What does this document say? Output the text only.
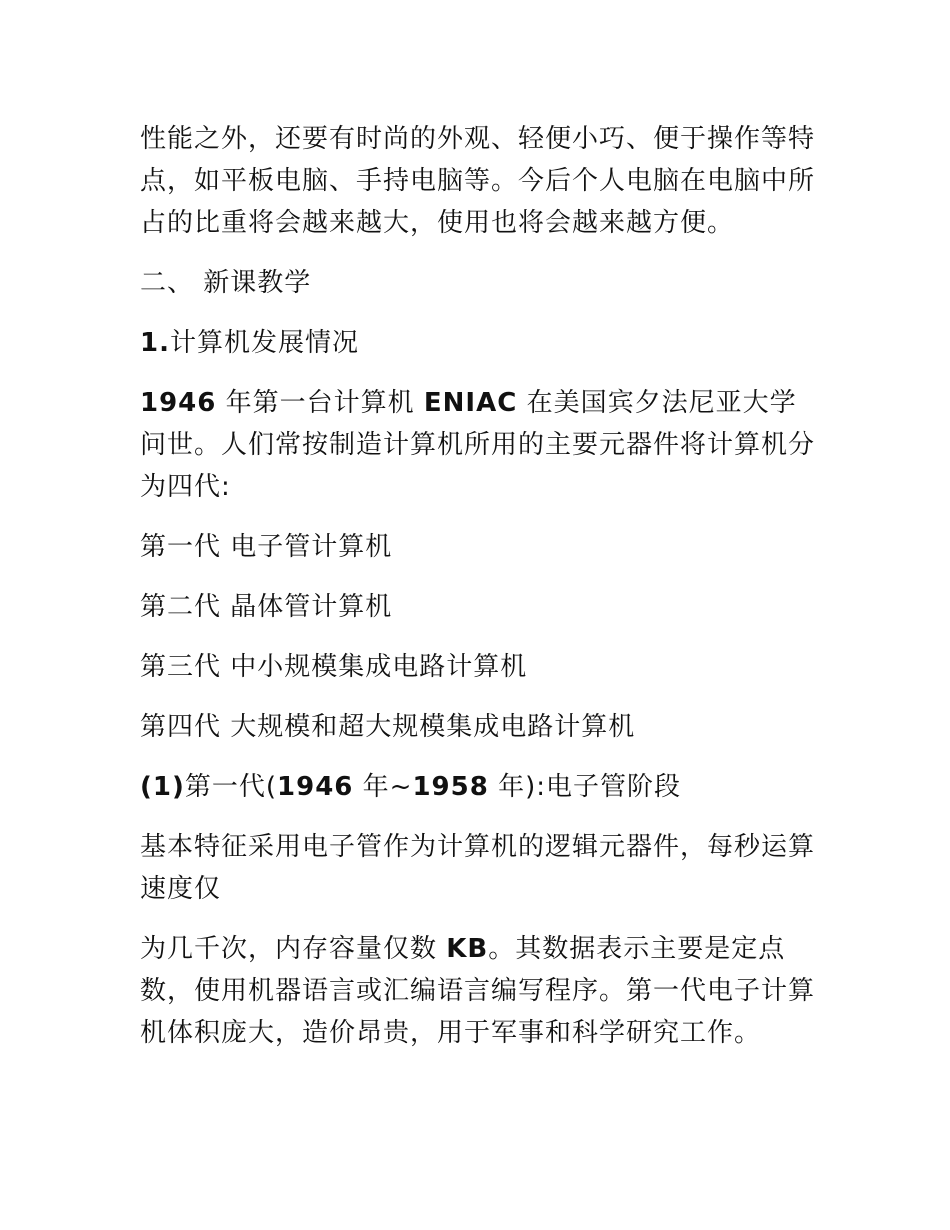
性能之外，还要有时尚的外观、轻便小巧、便于操作等特点，如平板电脑、手持电脑等。今后个人电脑在电脑中所占的比重将会越来越大，使用也将会越来越方便。

二、 新课教学

1.计算机发展情况

1946 年第一台计算机 ENIAC 在美国宾夕法尼亚大学问世。人们常按制造计算机所用的主要元器件将计算机分为四代:

第一代 电子管计算机

第二代 晶体管计算机

第三代 中小规模集成电路计算机

第四代 大规模和超大规模集成电路计算机

(1)第一代(1946 年~1958 年):电子管阶段

基本特征采用电子管作为计算机的逻辑元器件，每秒运算速度仅

为几千次，内存容量仅数 KB。其数据表示主要是定点数，使用机器语言或汇编语言编写程序。第一代电子计算机体积庞大，造价昂贵，用于军事和科学研究工作。
